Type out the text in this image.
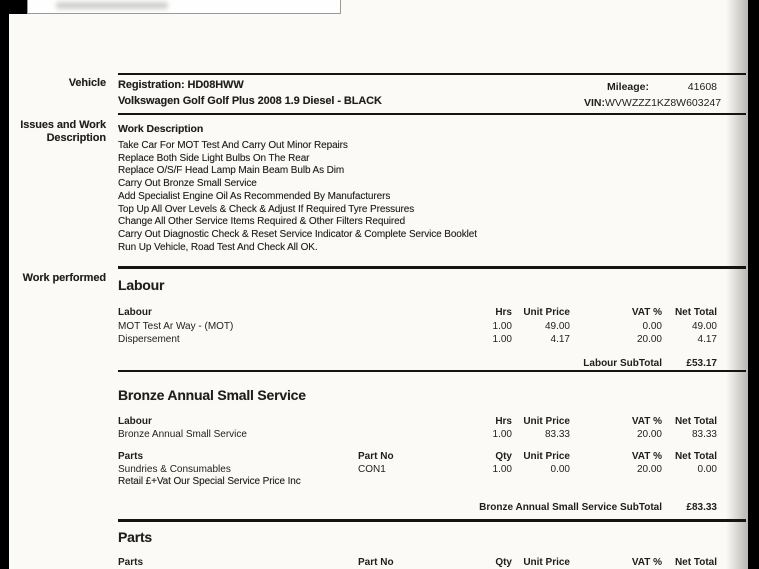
Vehicle
Issues and Work
Description
Work performed
Registration: HD08HWW
Volkswagen Golf Golf Plus 2008 1.9 Diesel - BLACK
Mileage:	41608
VIN: WVWZZZ1KZ8W603247
Work Description
Take Car For MOT Test And Carry Out Minor Repairs
Replace Both Side Light Bulbs On The Rear
Replace O/S/F Head Lamp Main Beam Bulb As Dim
Carry Out Bronze Small Service
Add Specialist Engine Oil As Recommended By Manufacturers
Top Up All Over Levels & Check & Adjust If Required Tyre Pressures
Change All Other Service Items Required & Other Filters Required
Carry Out Diagnostic Check & Reset Service Indicator & Complete Service Booklet
Run Up Vehicle, Road Test And Check All OK.
Labour
Labour	Hrs	Unit Price	VAT %	Net Total
MOT Test Ar Way - (MOT)	1.00	49.00	0.00	49.00
Dispersement	1.00	4.17	20.00	4.17
Labour SubTotal	£53.17
Bronze Annual Small Service
Labour	Hrs	Unit Price	VAT %	Net Total
Bronze Annual Small Service	1.00	83.33	20.00	83.33
Parts	Part No	Qty	Unit Price	VAT %	Net Total
Sundries & Consumables	CON1	1.00	0.00	20.00	0.00
Retail £+Vat Our Special Service Price Inc
Bronze Annual Small Service SubTotal	£83.33
Parts
Parts	Part No	Qty	Unit Price	VAT %	Net Total
